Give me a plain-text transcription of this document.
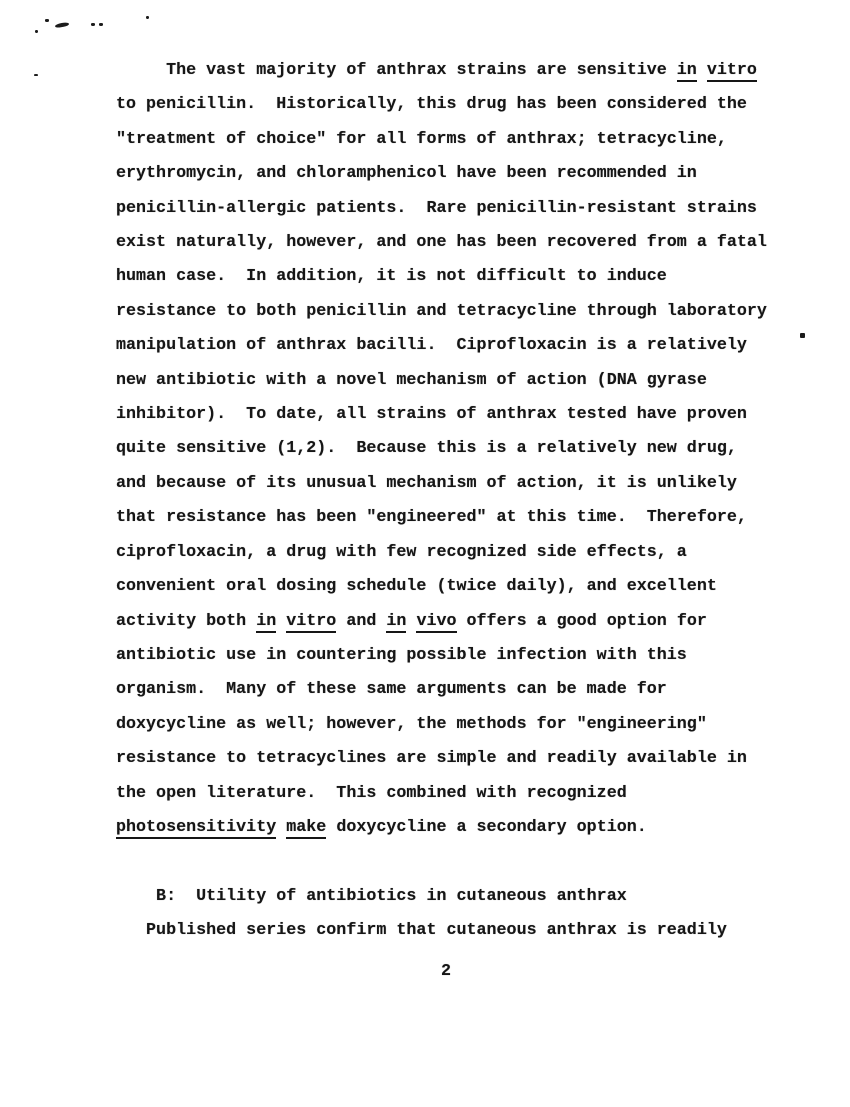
The vast majority of anthrax strains are sensitive in vitro
to penicillin.  Historically, this drug has been considered the
"treatment of choice" for all forms of anthrax; tetracycline,
erythromycin, and chloramphenicol have been recommended in
penicillin-allergic patients.  Rare penicillin-resistant strains
exist naturally, however, and one has been recovered from a fatal
human case.  In addition, it is not difficult to induce
resistance to both penicillin and tetracycline through laboratory
manipulation of anthrax bacilli.  Ciprofloxacin is a relatively
new antibiotic with a novel mechanism of action (DNA gyrase
inhibitor).  To date, all strains of anthrax tested have proven
quite sensitive (1,2).  Because this is a relatively new drug,
and because of its unusual mechanism of action, it is unlikely
that resistance has been "engineered" at this time.  Therefore,
ciprofloxacin, a drug with few recognized side effects, a
convenient oral dosing schedule (twice daily), and excellent
activity both in vitro and in vivo offers a good option for
antibiotic use in countering possible infection with this
organism.  Many of these same arguments can be made for
doxycycline as well; however, the methods for "engineering"
resistance to tetracyclines are simple and readily available in
the open literature.  This combined with recognized
photosensitivity make doxycycline a secondary option.
B:  Utility of antibiotics in cutaneous anthrax
Published series confirm that cutaneous anthrax is readily
2
